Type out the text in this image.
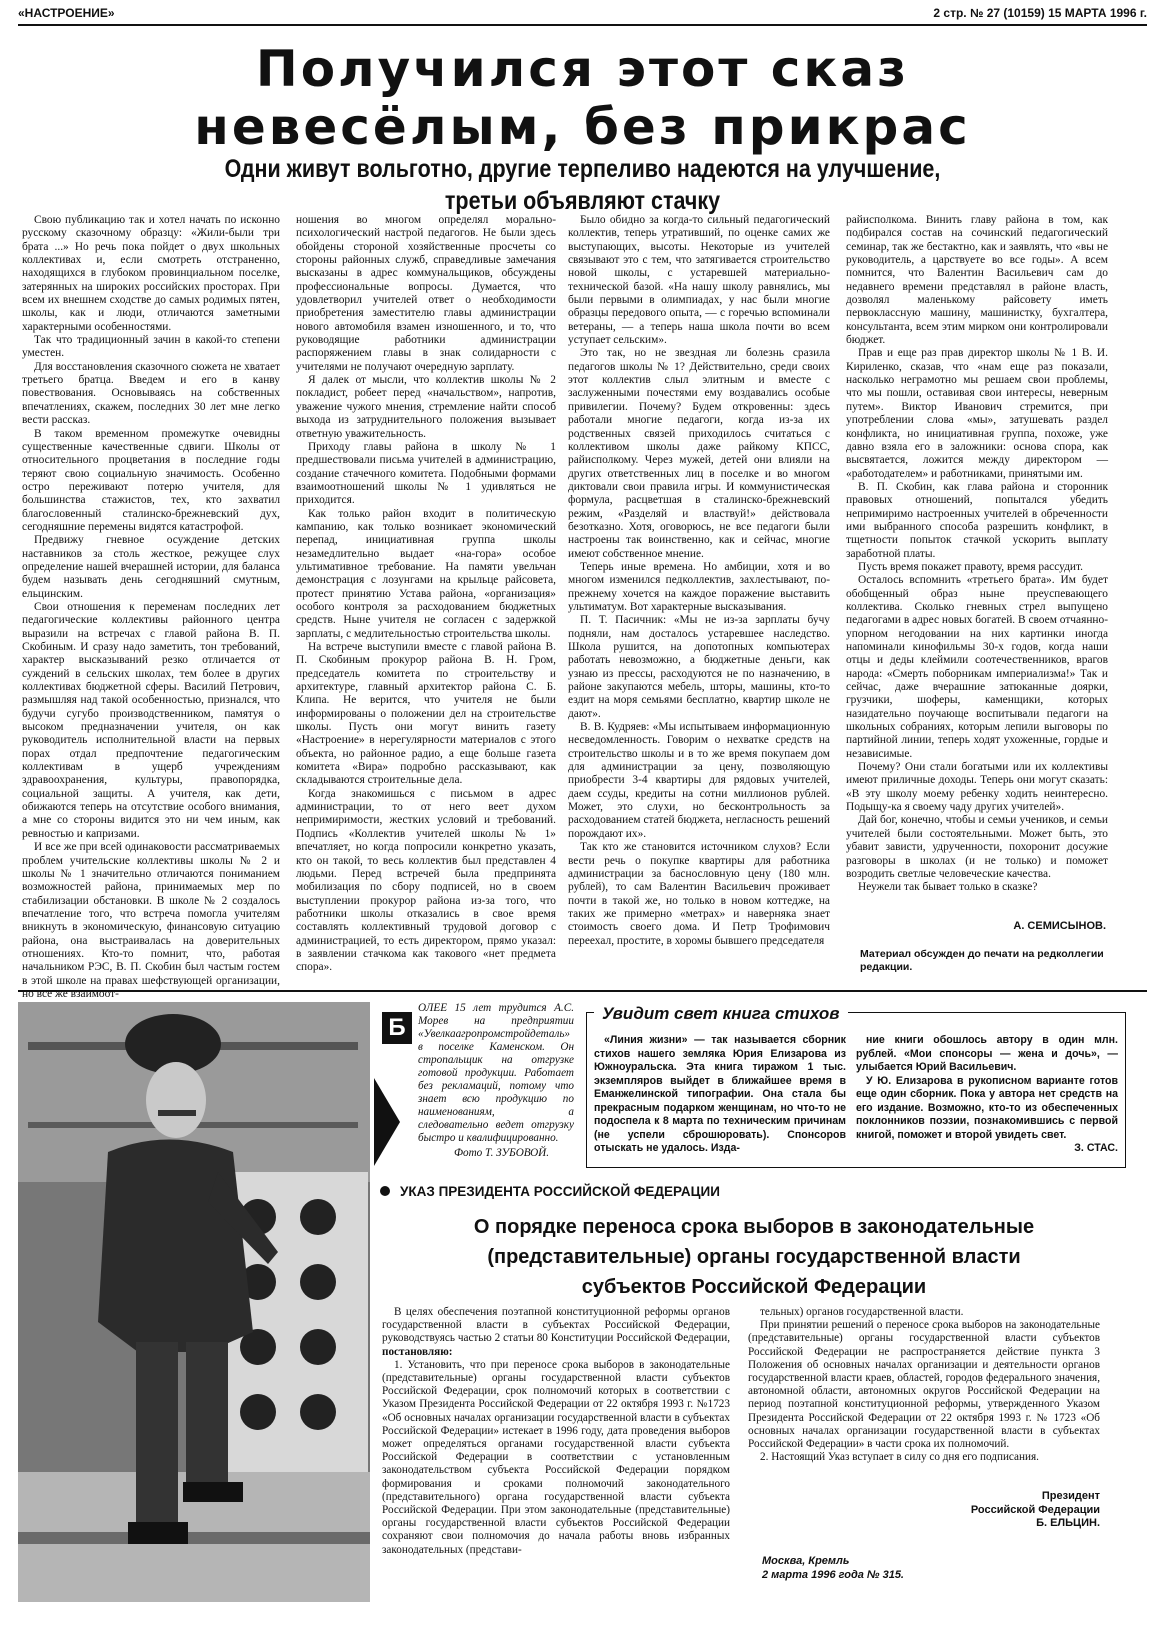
«НАСТРОЕНИЕ»	2 стр. № 27 (10159) 15 МАРТА 1996 г.
Получился этот сказ
невесёлым, без прикрас
Одни живут вольготно, другие терпеливо надеются на улучшение,
третьи объявляют стачку

Свою публикацию так и хотел начать по исконно русскому сказочному образцу: «Жили-были три брата ...» Но речь пока пойдет о двух школьных коллективах и, если смотреть отстраненно, находящихся в глубоком провинциальном поселке, затерянных на широких российских просторах. При всем их внешнем сходстве до самых родимых пятен, школы, как и люди, отличаются заметными характерными особенностями.

Так что традиционный зачин в какой-то степени уместен.

Для восстановления сказочного сюжета не хватает третьего братца. Введем и его в канву повествования. Основываясь на собственных впечатлениях, скажем, последних 30 лет мне легко вести рассказ.

В таком временном промежутке очевидны существенные качественные сдвиги. Школы от относительного процветания в последние годы теряют свою социальную значимость. Особенно остро переживают потерю учителя, для большинства стажистов, тех, кто захватил благословенный сталинско-брежневский дух, сегодняшние перемены видятся катастрофой.

Предвижу гневное осуждение детских наставников за столь жесткое, режущее слух определение нашей вчерашней истории, для баланса будем называть день сегодняшний смутным, ельцинским.

Свои отношения к переменам последних лет педагогические коллективы районного центра выразили на встречах с главой района В. П. Скобиным. И сразу надо заметить, тон требований, характер высказываний резко отличается от суждений в сельских школах, тем более в других коллективах бюджетной сферы. Василий Петрович, размышляя над такой особенностью, признался, что будучи сугубо производственником, памятуя о высоком предназначении учителя, он как руководитель исполнительной власти на первых порах отдал предпочтение педагогическим коллективам в ущерб учреждениям здравоохранения, культуры, правопорядка, социальной защиты. А учителя, как дети, обижаются теперь на отсутствие особого внимания, а мне со стороны видится это ни чем иным, как ревностью и капризами.

И все же при всей одинаковости рассматриваемых проблем учительские коллективы школы № 2 и школы № 1 значительно отличаются пониманием возможностей района, принимаемых мер по стабилизации обстановки. В школе № 2 создалось впечатление того, что встреча помогла учителям вникнуть в экономическую, финансовую ситуацию района, она выстраивалась на доверительных отношениях. Кто-то помнит, что, работая начальником РЭС, В. П. Скобин был частым гостем в этой школе на правах шефствующей организации, но все же взаимоот-

ношения во многом определял морально-психологический настрой педагогов. Не были здесь обойдены стороной хозяйственные просчеты со стороны районных служб, справедливые замечания высказаны в адрес коммунальщиков, обсуждены профессиональные вопросы. Думается, что удовлетворил учителей ответ о необходимости приобретения заместителю главы администрации нового автомобиля взамен изношенного, и то, что руководящие работники администрации распоряжением главы в знак солидарности с учителями не получают очередную зарплату.

Я далек от мысли, что коллектив школы № 2 покладист, робеет перед «начальством», напротив, уважение чужого мнения, стремление найти способ выхода из затруднительного положения вызывает ответную уважительность.

Приходу главы района в школу № 1 предшествовали письма учителей в администрацию, создание стачечного комитета. Подобными формами взаимоотношений школы № 1 удивляться не приходится.

Как только район входит в политическую кампанию, как только возникает экономический перепад, инициативная группа школы незамедлительно выдает «на-гора» особое ультимативное требование. На памяти увельчан демонстрация с лозунгами на крыльце райсовета, протест принятию Устава района, «организация» особого контроля за расходованием бюджетных средств. Ныне учителя не согласен с задержкой зарплаты, с медлительностью строительства школы.

На встрече выступили вместе с главой района В. П. Скобиным прокурор района В. Н. Гром, председатель комитета по строительству и архитектуре, главный архитектор района С. Б. Клипа. Не верится, что учителя не были информированы о положении дел на строительстве школы. Пусть они могут винить газету «Настроение» в нерегулярности материалов с этого объекта, но районное радио, а еще больше газета комитета «Вира» подробно рассказывают, как складываются строительные дела.

Когда знакомишься с письмом в адрес администрации, то от него веет духом непримиримости, жестких условий и требований. Подпись «Коллектив учителей школы № 1» впечатляет, но когда попросили конкретно указать, кто он такой, то весь коллектив был представлен 4 людьми. Перед встречей была предпринята мобилизация по сбору подписей, но в своем выступлении прокурор района из-за того, что работники школы отказались в свое время составлять коллективный трудовой договор с администрацией, то есть директором, прямо указал: в заявлении стачкома как такового «нет предмета спора».

Было обидно за когда-то сильный педагогический коллектив, теперь утративший, по оценке самих же выступающих, высоты. Некоторые из учителей связывают это с тем, что затягивается строительство новой школы, с устаревшей материально-технической базой. «На нашу школу равнялись, мы были первыми в олимпиадах, у нас были многие образцы передового опыта, — с горечью вспоминали ветераны, — а теперь наша школа почти во всем уступает сельским».

Это так, но не звездная ли болезнь сразила педагогов школы № 1? Действительно, среди своих этот коллектив слыл элитным и вместе с заслуженными почестями ему воздавались особые привилегии. Почему? Будем откровенны: здесь работали многие педагоги, когда из-за их родственных связей приходилось считаться с коллективом школы даже райкому КПСС, райисполкому. Через мужей, детей они влияли на других ответственных лиц в поселке и во многом диктовали свои правила игры. И коммунистическая формула, расцветшая в сталинско-брежневский режим, «Разделяй и властвуй!» действовала безотказно. Хотя, оговорюсь, не все педагоги были настроены так воинственно, как и сейчас, многие имеют собственное мнение.

Теперь иные времена. Но амбиции, хотя и во многом изменился педколлектив, захлестывают, по-прежнему хочется на каждое поражение выставить ультиматум. Вот характерные высказывания.

П. Т. Пасичник: «Мы не из-за зарплаты бучу подняли, нам досталось устаревшее наследство. Школа рушится, на допотопных компьютерах работать невозможно, а бюджетные деньги, как узнаю из прессы, расходуются не по назначению, в районе закупаются мебель, шторы, машины, кто-то ездит на моря семьями бесплатно, квартир школе не дают».

В. В. Кудряев: «Мы испытываем информационную несведомленность. Говорим о нехватке средств на строительство школы и в то же время покупаем дом для администрации за цену, позволяющую приобрести 3-4 квартиры для рядовых учителей, даем ссуды, кредиты на сотни миллионов рублей. Может, это слухи, но бесконтрольность за расходованием статей бюджета, негласность решений порождают их».

Так кто же становится источником слухов? Если вести речь о покупке квартиры для работника администрации за баснословную цену (180 млн. рублей), то сам Валентин Васильевич проживает почти в такой же, но только в новом коттедже, на таких же примерно «метрах» и наверняка знает стоимость своего дома. И Петр Трофимович переехал, простите, в хоромы бывшего председателя

райисполкома. Винить главу района в том, как подбирался состав на сочинский педагогический семинар, так же бестактно, как и заявлять, что «вы не руководитель, а царствуете во все годы». А всем помнится, что Валентин Васильевич сам до недавнего времени представлял в районе власть, дозволял маленькому райсовету иметь первоклассную машину, машинистку, бухгалтера, консультанта, всем этим мирком они контролировали бюджет.

Прав и еще раз прав директор школы № 1 В. И. Кириленко, сказав, что «нам еще раз показали, насколько неграмотно мы решаем свои проблемы, что мы пошли, оставивая свои интересы, неверным путем». Виктор Иванович стремится, при употреблении слова «мы», затушевать раздел конфликта, но инициативная группа, похоже, уже давно взяла его в заложники: основа спора, как высвятается, ложится между директором — «работодателем» и работниками, принятыми им.

В. П. Скобин, как глава района и сторонник правовых отношений, попытался убедить непримиримо настроенных учителей в обреченности ими выбранного способа разрешить конфликт, в тщетности попыток стачкой ускорить выплату заработной платы.

Пусть время покажет правоту, время рассудит.

Осталось вспомнить «третьего брата». Им будет обобщенный образ ныне преуспевающего коллектива. Сколько гневных стрел выпущено педагогами в адрес новых богатей. В своем отчаянно-упорном негодовании на них картинки иногда напоминали кинофильмы 30-х годов, когда наши отцы и деды клеймили соотечественников, врагов народа: «Смерть поборникам империализма!» Так и сейчас, даже вчерашние затюканные доярки, грузчики, шоферы, каменщики, которых назидательно поучающе воспитывали педагоги на школьных собраниях, которым лепили выговоры по партийной линии, теперь ходят ухоженные, гордые и независимые.

Почему? Они стали богатыми или их коллективы имеют приличные доходы. Теперь они могут сказать: «В эту школу моему ребенку ходить неинтересно. Подыщу-ка я своему чаду других учителей».

Дай бог, конечно, чтобы и семьи учеников, и семьи учителей были состоятельными. Может быть, это убавит зависти, удрученности, похоронит досужие разговоры в школах (и не только) и поможет возродить светлые человеческие качества.

Неужели так бывает только в сказке?

А. СЕМИСЫНОВ.
Материал обсужден до печати на редколлегии редакции.
Б
ОЛЕЕ 15 лет трудится А.С. Морев на предприятии «Увелкаагропромстройдеталь» в поселке Каменском. Он стропальщик на отгрузке готовой продукции. Работает без рекламаций, потому что знает всю продукцию по наименованиям, а следовательно ведет отгрузку быстро и квалифицированно.
Фото Т. ЗУБОВОЙ.
Увидит свет книга стихов

«Линия жизни» — так называется сборник стихов нашего земляка Юрия Елизарова из Южноуральска. Эта книга тиражом 1 тыс. экземпляров выйдет в ближайшее время в Еманжелинской типографии. Она стала бы прекрасным подарком женщинам, но что-то не подоспела к 8 марта по техническим причинам (не успели сброшюровать). Спонсоров отыскать не удалось. Изда-

ние книги обошлось автору в один млн. рублей. «Мои спонсоры — жена и дочь», — улыбается Юрий Васильевич.

У Ю. Елизарова в рукописном варианте готов еще один сборник. Пока у автора нет средств на его издание. Возможно, кто-то из обеспеченных поклонников поэзии, познакомившись с первой книгой, поможет и второй увидеть свет.

З. СТАС.
УКАЗ ПРЕЗИДЕНТА РОССИЙСКОЙ ФЕДЕРАЦИИ
О порядке переноса срока выборов в законодательные
(представительные) органы государственной власти
субъектов Российской Федерации

В целях обеспечения поэтапной конституционной реформы органов государственной власти в субъектах Российской Федерации, руководствуясь частью 2 статьи 80 Конституции Российской Федерации, постановляю:

1. Установить, что при переносе срока выборов в законодательные (представительные) органы государственной власти субъектов Российской Федерации, срок полномочий которых в соответствии с Указом Президента Российской Федерации от 22 октября 1993 г. №1723 «Об основных началах организации государственной власти в субъектах Российской Федерации» истекает в 1996 году, дата проведения выборов может определяться органами государственной власти субъекта Российской Федерации в соответствии с установленным законодательством субъекта Российской Федерации порядком формирования и сроками полномочий законодательного (представительного) органа государственной власти субъекта Российской Федерации. При этом законодательные (представительные) органы государственной власти субъектов Российской Федерации сохраняют свои полномочия до начала работы вновь избранных законодательных (представи-

тельных) органов государственной власти.

При принятии решений о переносе срока выборов на законодательные (представительные) органы государственной власти субъектов Российской Федерации не распространяется действие пункта 3 Положения об основных началах организации и деятельности органов государственной власти краев, областей, городов федерального значения, автономной области, автономных округов Российской Федерации на период поэтапной конституционной реформы, утвержденного Указом Президента Российской Федерации от 22 октября 1993 г. № 1723 «Об основных началах организации государственной власти в субъектах Российской Федерации» в части срока их полномочий.

2. Настоящий Указ вступает в силу со дня его подписания.

Президент
Российской Федерации
Б. ЕЛЬЦИН.
Москва, Кремль
2 марта 1996 года № 315.
